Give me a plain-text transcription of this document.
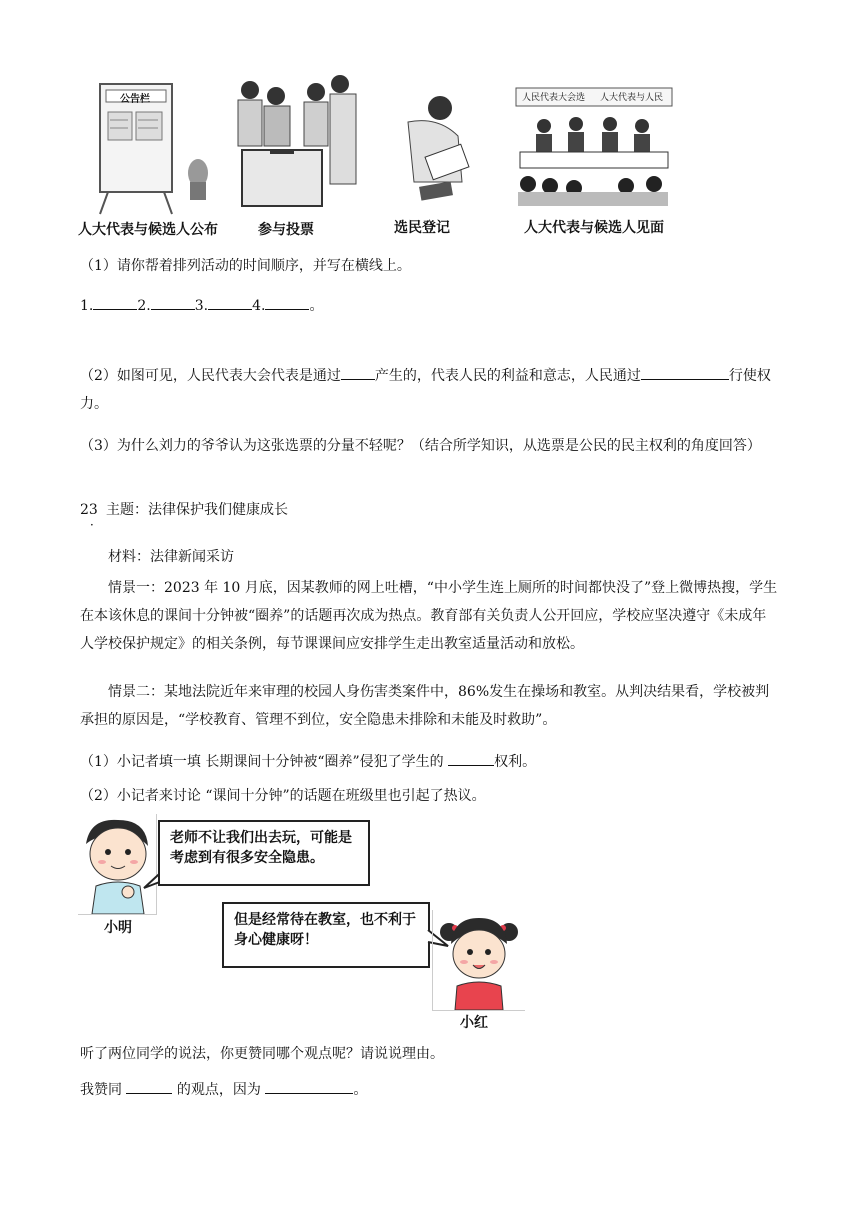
公告栏	人民代表大会选 人大代表与人民
人大代表与候选人公布	参与投票	选民登记	人大代表与候选人见面
（1）请你帮着排列活动的时间顺序，并写在横线上。
1.	2.	3.	4.	。
（2）如图可见，人民代表大会代表是通过 产生的，代表人民的利益和意志，人民通过	行使权力。
（3）为什么刘力的爷爷认为这张选票的分量不轻呢？（结合所学知识，从选票是公民的民主权利的角度回答）
23
．
主题：法律保护我们健康成长
材料：法律新闻采访
情景一：2023 年 10 月底，因某教师的网上吐槽，“中小学生连上厕所的时间都快没了”登上微博热搜，学生在本该休息的课间十分钟被“圈养”的话题再次成为热点。教育部有关负责人公开回应，学校应坚决遵守《未成年人学校保护规定》的相关条例，每节课课间应安排学生走出教室适量活动和放松。
情景二：某地法院近年来审理的校园人身伤害类案件中，86%发生在操场和教室。从判决结果看，学校被判承担的原因是，“学校教育、管理不到位，安全隐患未排除和未能及时救助”。
（1）小记者填一填 长期课间十分钟被“圈养”侵犯了学生的	权利。
（2）小记者来讨论 “课间十分钟”的话题在班级里也引起了热议。
小明
老师不让我们出去玩，可能是考虑到有很多安全隐患。
但是经常待在教室，也不利于身心健康呀！
小红
听了两位同学的说法，你更赞同哪个观点呢？请说说理由。
我赞同	的观点，因为	。
